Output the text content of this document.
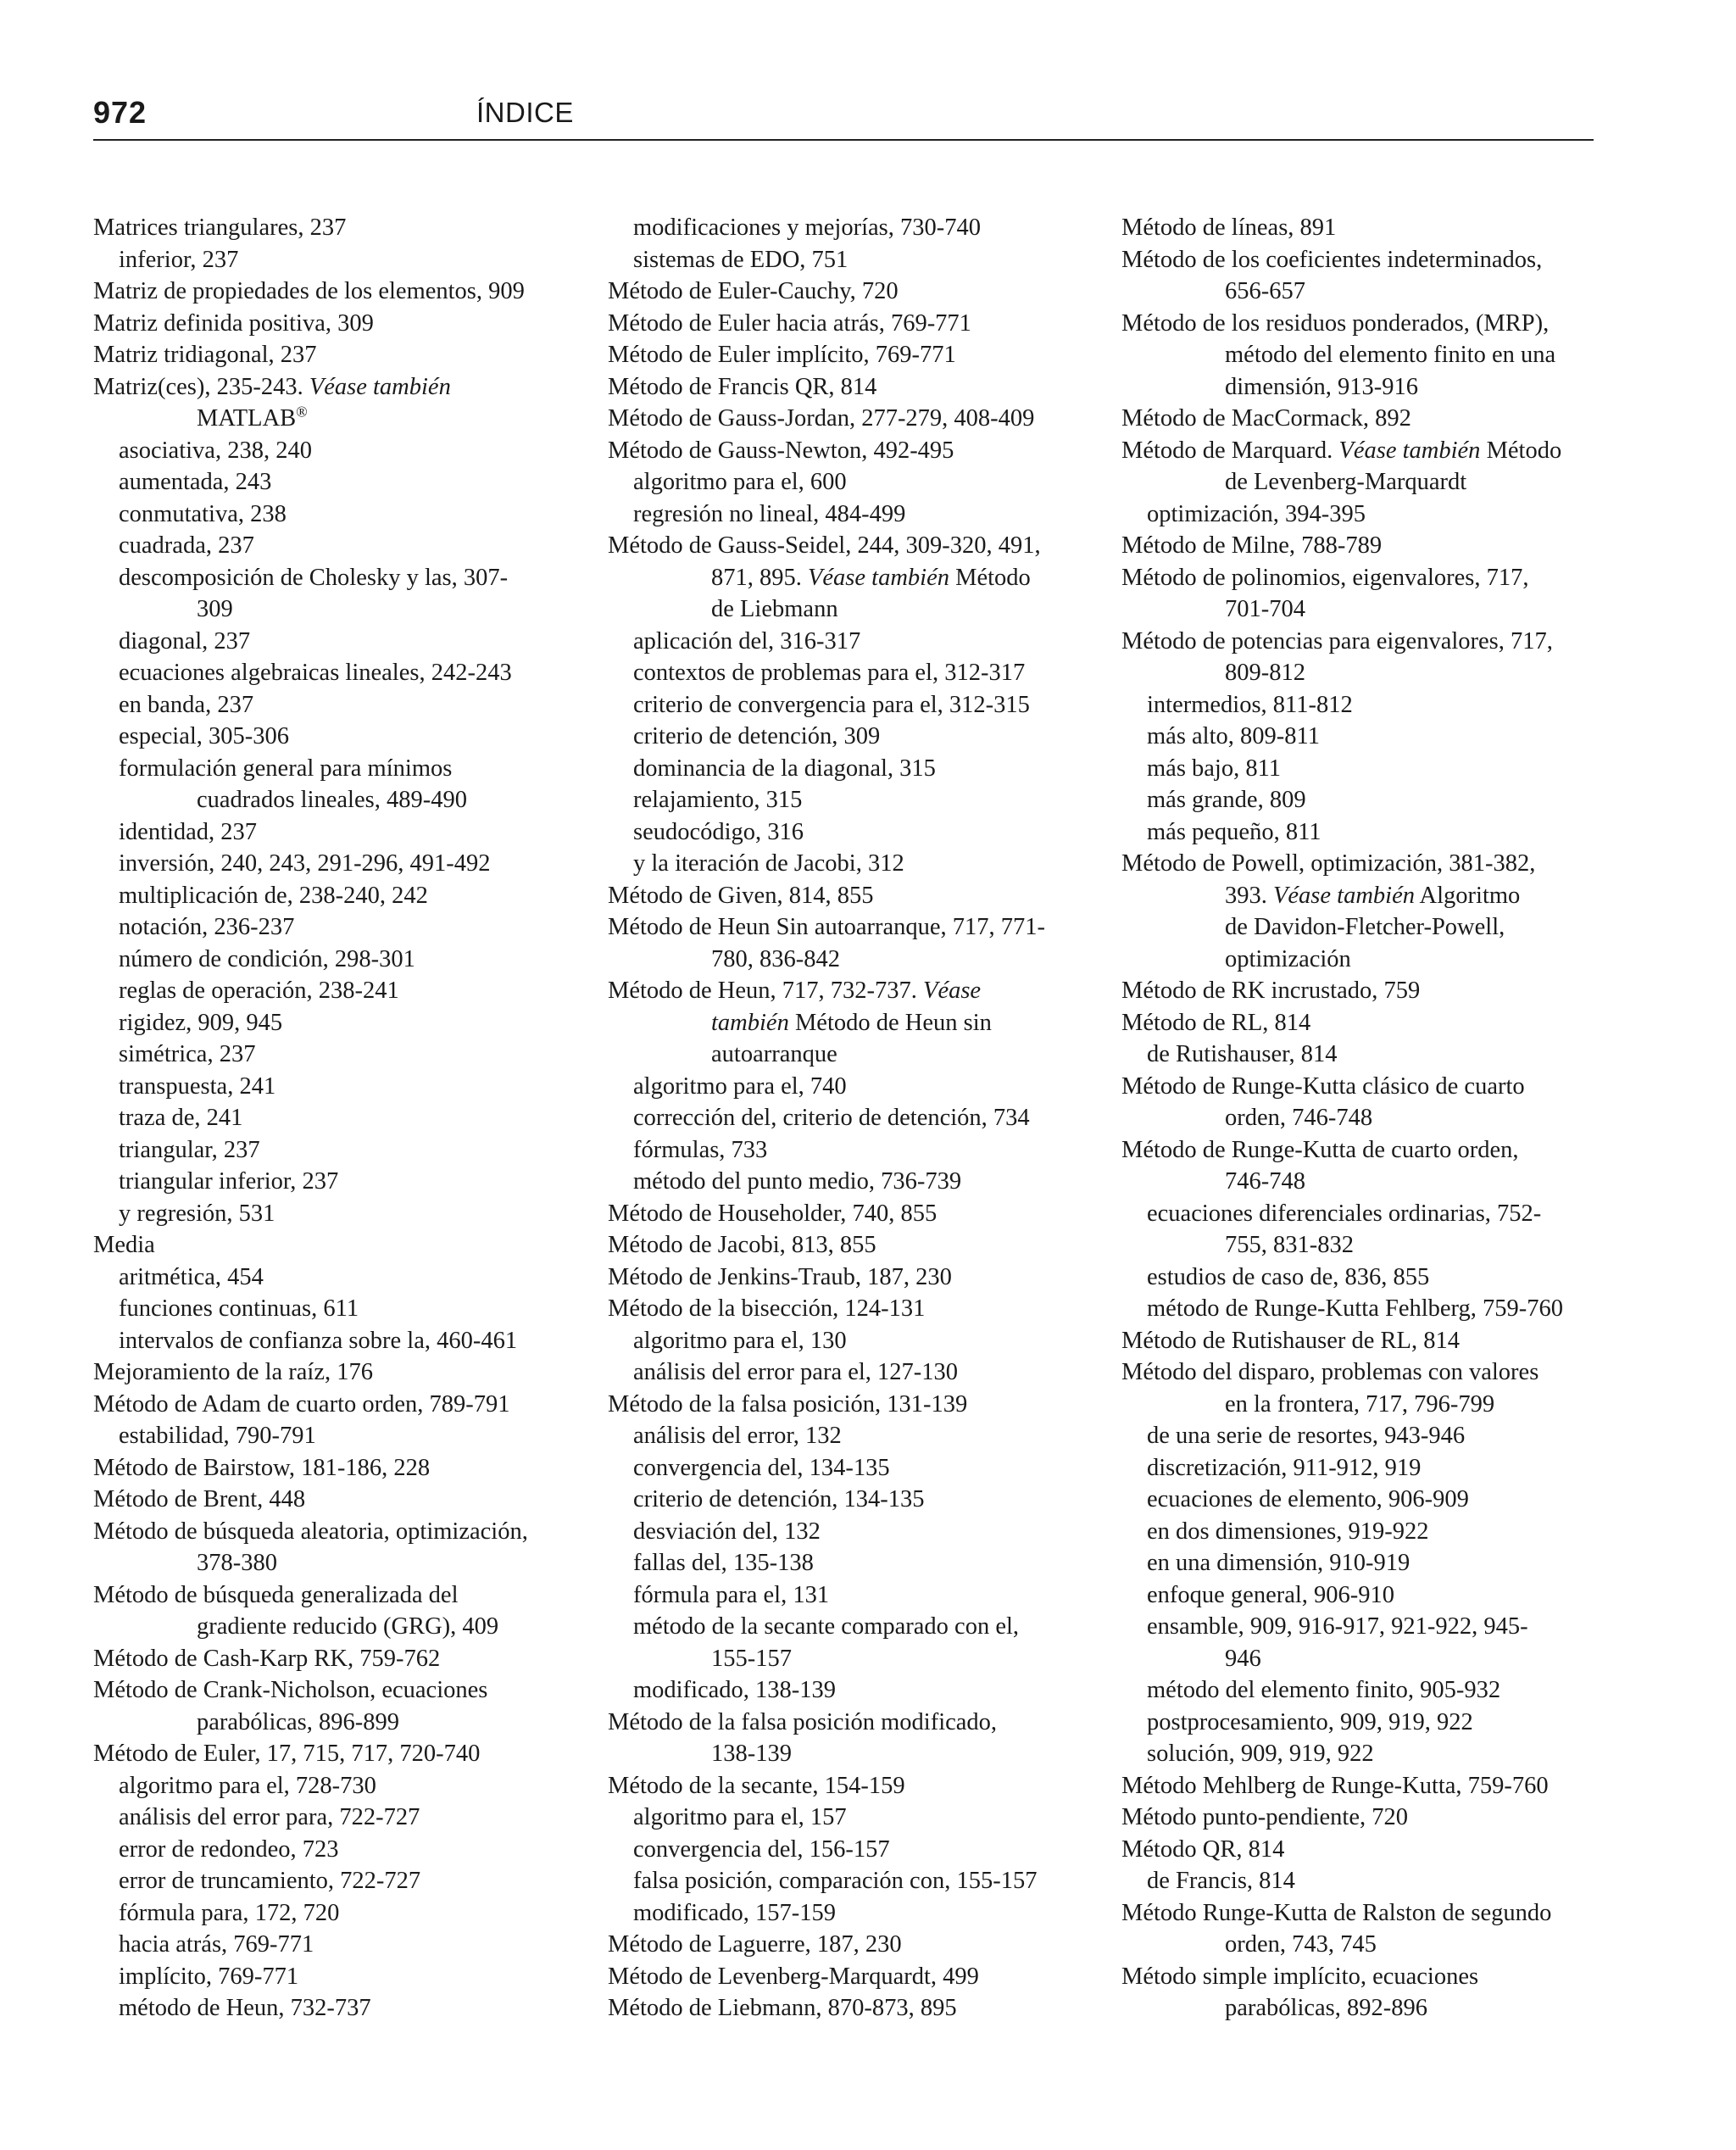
972	ÍNDICE
Matrices triangulares, 237
inferior, 237
Matriz de propiedades de los elementos, 909
Matriz definida positiva, 309
Matriz tridiagonal, 237
Matriz(ces), 235-243. Véase también
MATLAB®
asociativa, 238, 240
aumentada, 243
conmutativa, 238
cuadrada, 237
descomposición de Cholesky y las, 307-
309
diagonal, 237
ecuaciones algebraicas lineales, 242-243
en banda, 237
especial, 305-306
formulación general para mínimos
cuadrados lineales, 489-490
identidad, 237
inversión, 240, 243, 291-296, 491-492
multiplicación de, 238-240, 242
notación, 236-237
número de condición, 298-301
reglas de operación, 238-241
rigidez, 909, 945
simétrica, 237
transpuesta, 241
traza de, 241
triangular, 237
triangular inferior, 237
y regresión, 531
Media
aritmética, 454
funciones continuas, 611
intervalos de confianza sobre la, 460-461
Mejoramiento de la raíz, 176
Método de Adam de cuarto orden, 789-791
estabilidad, 790-791
Método de Bairstow, 181-186, 228
Método de Brent, 448
Método de búsqueda aleatoria, optimización,
378-380
Método de búsqueda generalizada del
gradiente reducido (GRG), 409
Método de Cash-Karp RK, 759-762
Método de Crank-Nicholson, ecuaciones
parabólicas, 896-899
Método de Euler, 17, 715, 717, 720-740
algoritmo para el, 728-730
análisis del error para, 722-727
error de redondeo, 723
error de truncamiento, 722-727
fórmula para, 172, 720
hacia atrás, 769-771
implícito, 769-771
método de Heun, 732-737
modificaciones y mejorías, 730-740
sistemas de EDO, 751
Método de Euler-Cauchy, 720
Método de Euler hacia atrás, 769-771
Método de Euler implícito, 769-771
Método de Francis QR, 814
Método de Gauss-Jordan, 277-279, 408-409
Método de Gauss-Newton, 492-495
algoritmo para el, 600
regresión no lineal, 484-499
Método de Gauss-Seidel, 244, 309-320, 491,
871, 895. Véase también Método
de Liebmann
aplicación del, 316-317
contextos de problemas para el, 312-317
criterio de convergencia para el, 312-315
criterio de detención, 309
dominancia de la diagonal, 315
relajamiento, 315
seudocódigo, 316
y la iteración de Jacobi, 312
Método de Given, 814, 855
Método de Heun Sin autoarranque, 717, 771-
780, 836-842
Método de Heun, 717, 732-737. Véase
también Método de Heun sin
autoarranque
algoritmo para el, 740
corrección del, criterio de detención, 734
fórmulas, 733
método del punto medio, 736-739
Método de Householder, 740, 855
Método de Jacobi, 813, 855
Método de Jenkins-Traub, 187, 230
Método de la bisección, 124-131
algoritmo para el, 130
análisis del error para el, 127-130
Método de la falsa posición, 131-139
análisis del error, 132
convergencia del, 134-135
criterio de detención, 134-135
desviación del, 132
fallas del, 135-138
fórmula para el, 131
método de la secante comparado con el,
155-157
modificado, 138-139
Método de la falsa posición modificado,
138-139
Método de la secante, 154-159
algoritmo para el, 157
convergencia del, 156-157
falsa posición, comparación con, 155-157
modificado, 157-159
Método de Laguerre, 187, 230
Método de Levenberg-Marquardt, 499
Método de Liebmann, 870-873, 895
Método de líneas, 891
Método de los coeficientes indeterminados,
656-657
Método de los residuos ponderados, (MRP),
método del elemento finito en una
dimensión, 913-916
Método de MacCormack, 892
Método de Marquard. Véase también Método
de Levenberg-Marquardt
optimización, 394-395
Método de Milne, 788-789
Método de polinomios, eigenvalores, 717,
701-704
Método de potencias para eigenvalores, 717,
809-812
intermedios, 811-812
más alto, 809-811
más bajo, 811
más grande, 809
más pequeño, 811
Método de Powell, optimización, 381-382,
393. Véase también Algoritmo
de Davidon-Fletcher-Powell,
optimización
Método de RK incrustado, 759
Método de RL, 814
de Rutishauser, 814
Método de Runge-Kutta clásico de cuarto
orden, 746-748
Método de Runge-Kutta de cuarto orden,
746-748
ecuaciones diferenciales ordinarias, 752-
755, 831-832
estudios de caso de, 836, 855
método de Runge-Kutta Fehlberg, 759-760
Método de Rutishauser de RL, 814
Método del disparo, problemas con valores
en la frontera, 717, 796-799
de una serie de resortes, 943-946
discretización, 911-912, 919
ecuaciones de elemento, 906-909
en dos dimensiones, 919-922
en una dimensión, 910-919
enfoque general, 906-910
ensamble, 909, 916-917, 921-922, 945-
946
método del elemento finito, 905-932
postprocesamiento, 909, 919, 922
solución, 909, 919, 922
Método Mehlberg de Runge-Kutta, 759-760
Método punto-pendiente, 720
Método QR, 814
de Francis, 814
Método Runge-Kutta de Ralston de segundo
orden, 743, 745
Método simple implícito, ecuaciones
parabólicas, 892-896
